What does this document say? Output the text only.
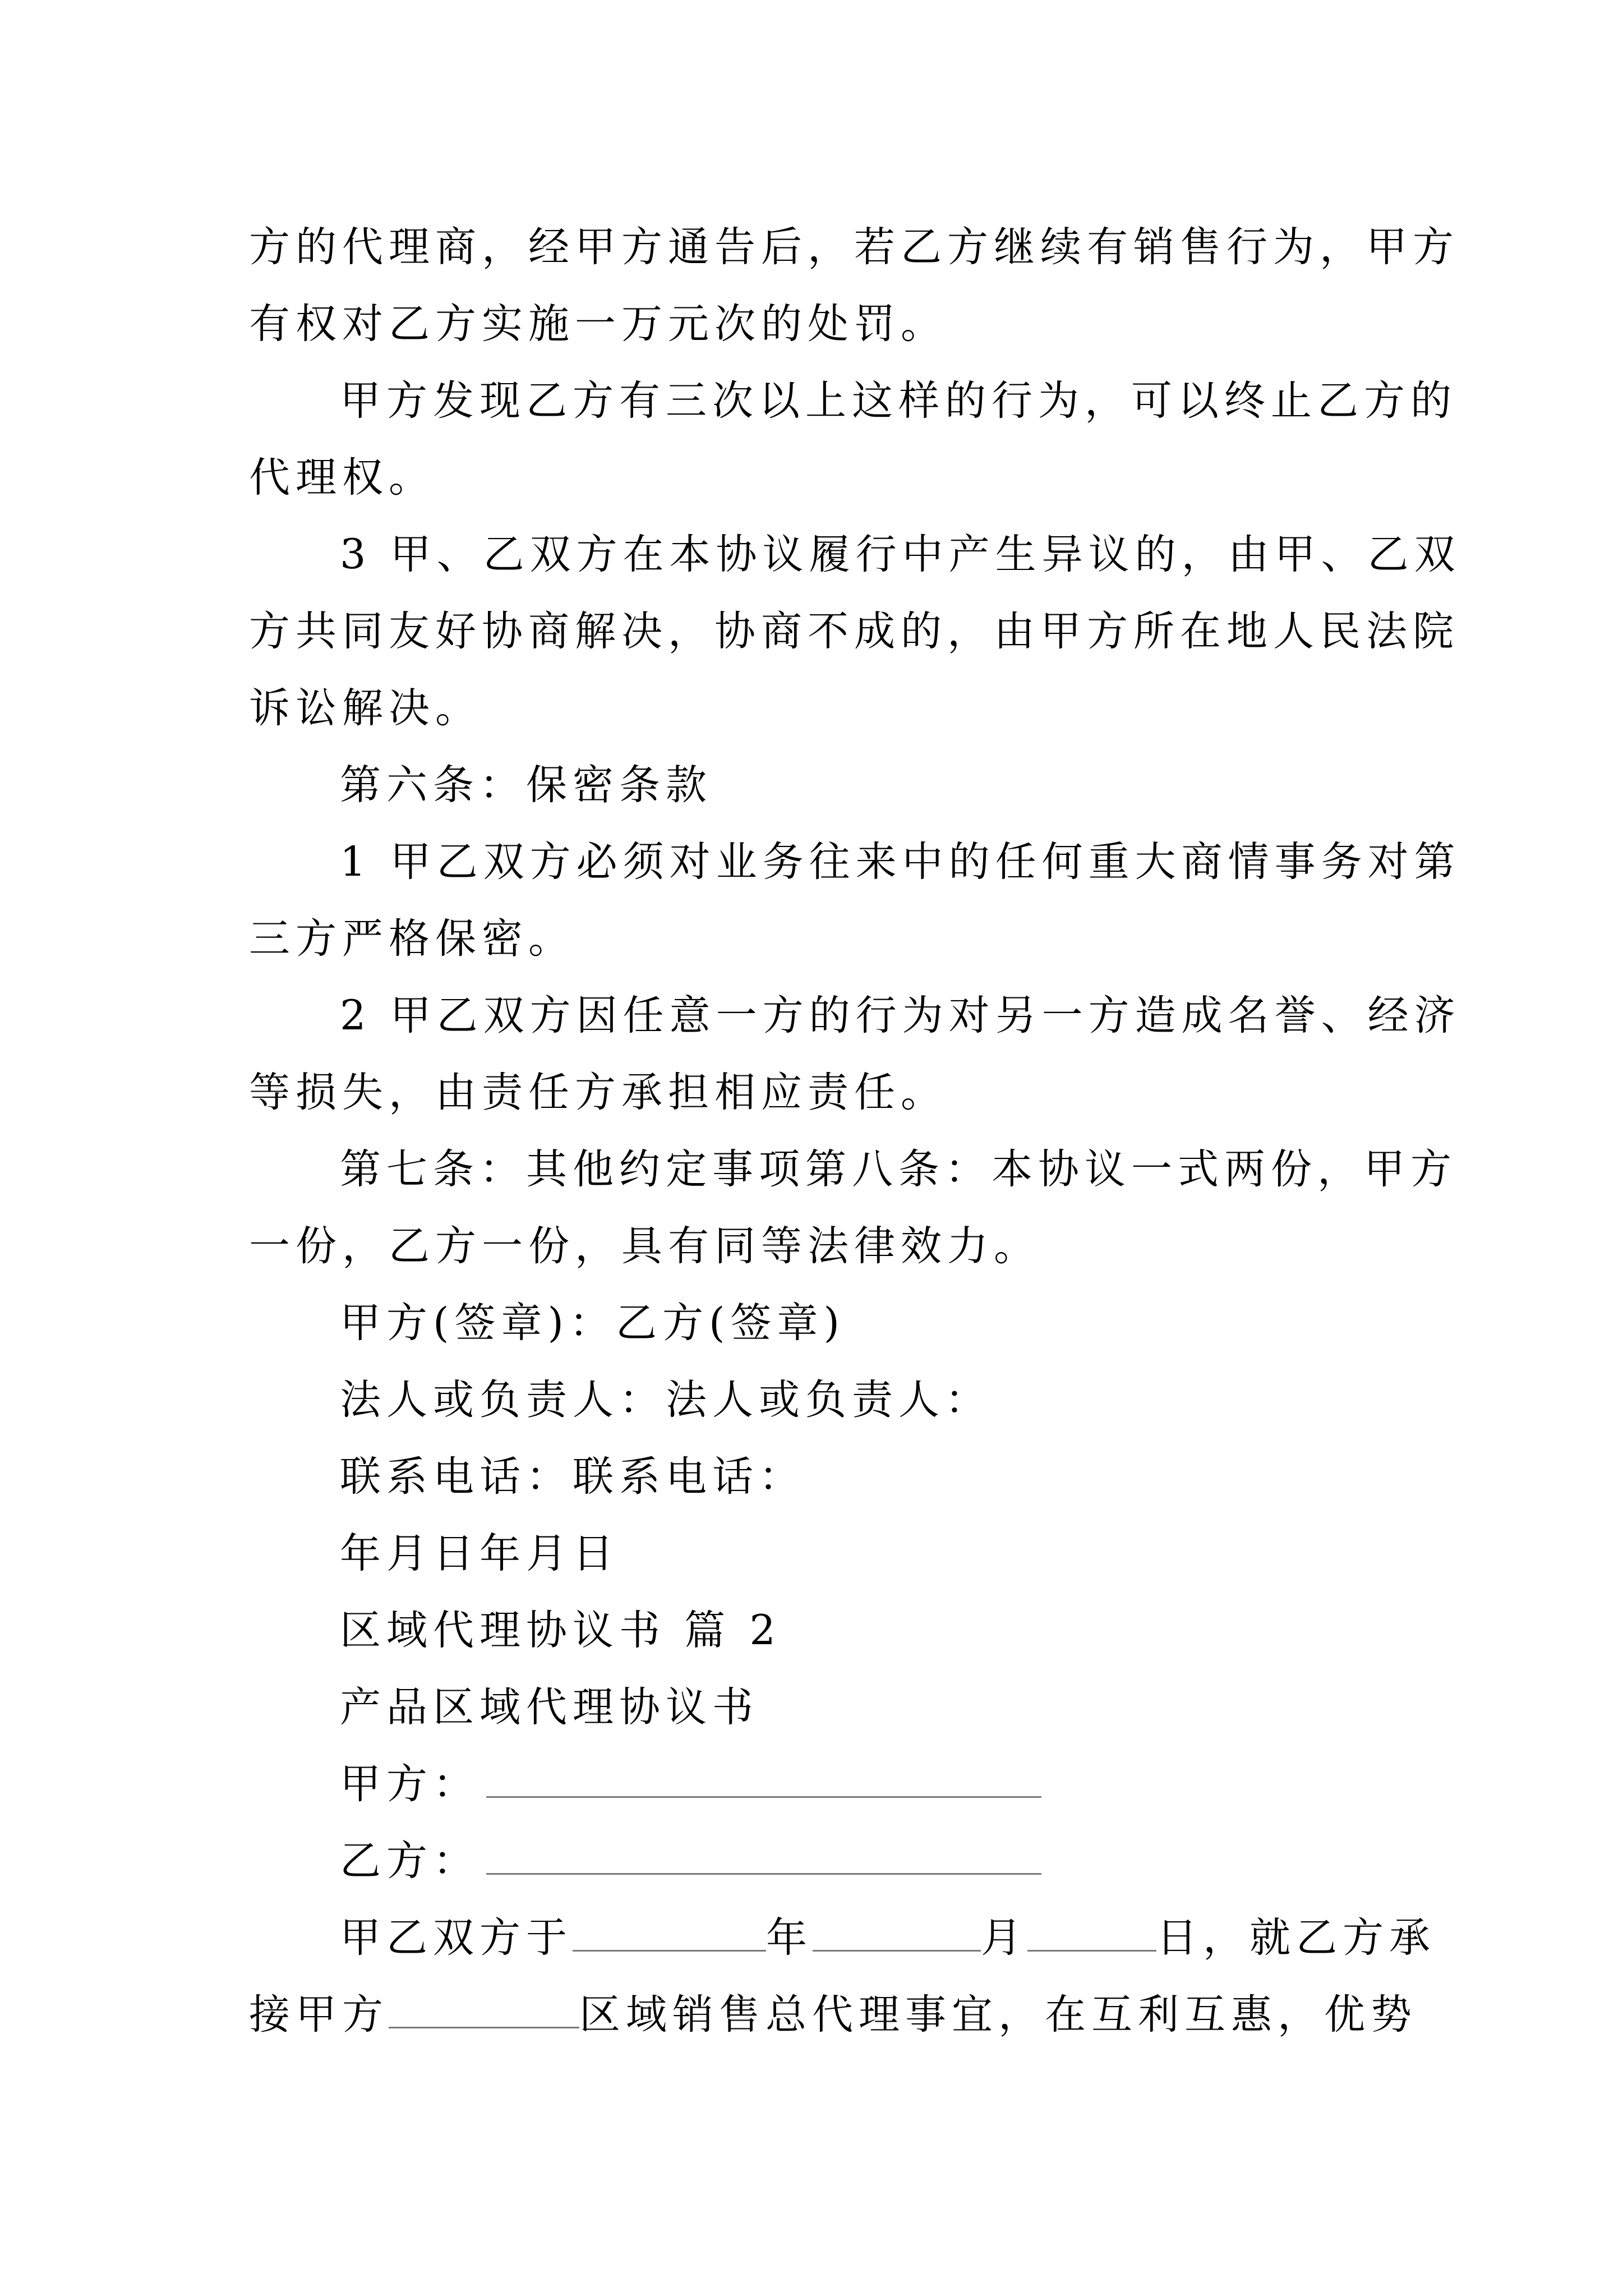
方的代理商，经甲方通告后，若乙方继续有销售行为，甲方
有权对乙方实施一万元次的处罚。
甲方发现乙方有三次以上这样的行为，可以终止乙方的
代理权。
3 甲、乙双方在本协议履行中产生异议的，由甲、乙双
方共同友好协商解决，协商不成的，由甲方所在地人民法院
诉讼解决。
第六条：保密条款
1 甲乙双方必须对业务往来中的任何重大商情事务对第
三方严格保密。
2 甲乙双方因任意一方的行为对另一方造成名誉、经济
等损失，由责任方承担相应责任。
第七条：其他约定事项第八条：本协议一式两份，甲方
一份，乙方一份，具有同等法律效力。
甲方(签章)：乙方(签章)
法人或负责人：法人或负责人：
联系电话：联系电话：
年月日年月日
区域代理协议书 篇 2
产品区域代理协议书
甲方：
乙方：
甲乙双方于	年	月	日，就乙方承
接甲方	区域销售总代理事宜，在互利互惠，优势
